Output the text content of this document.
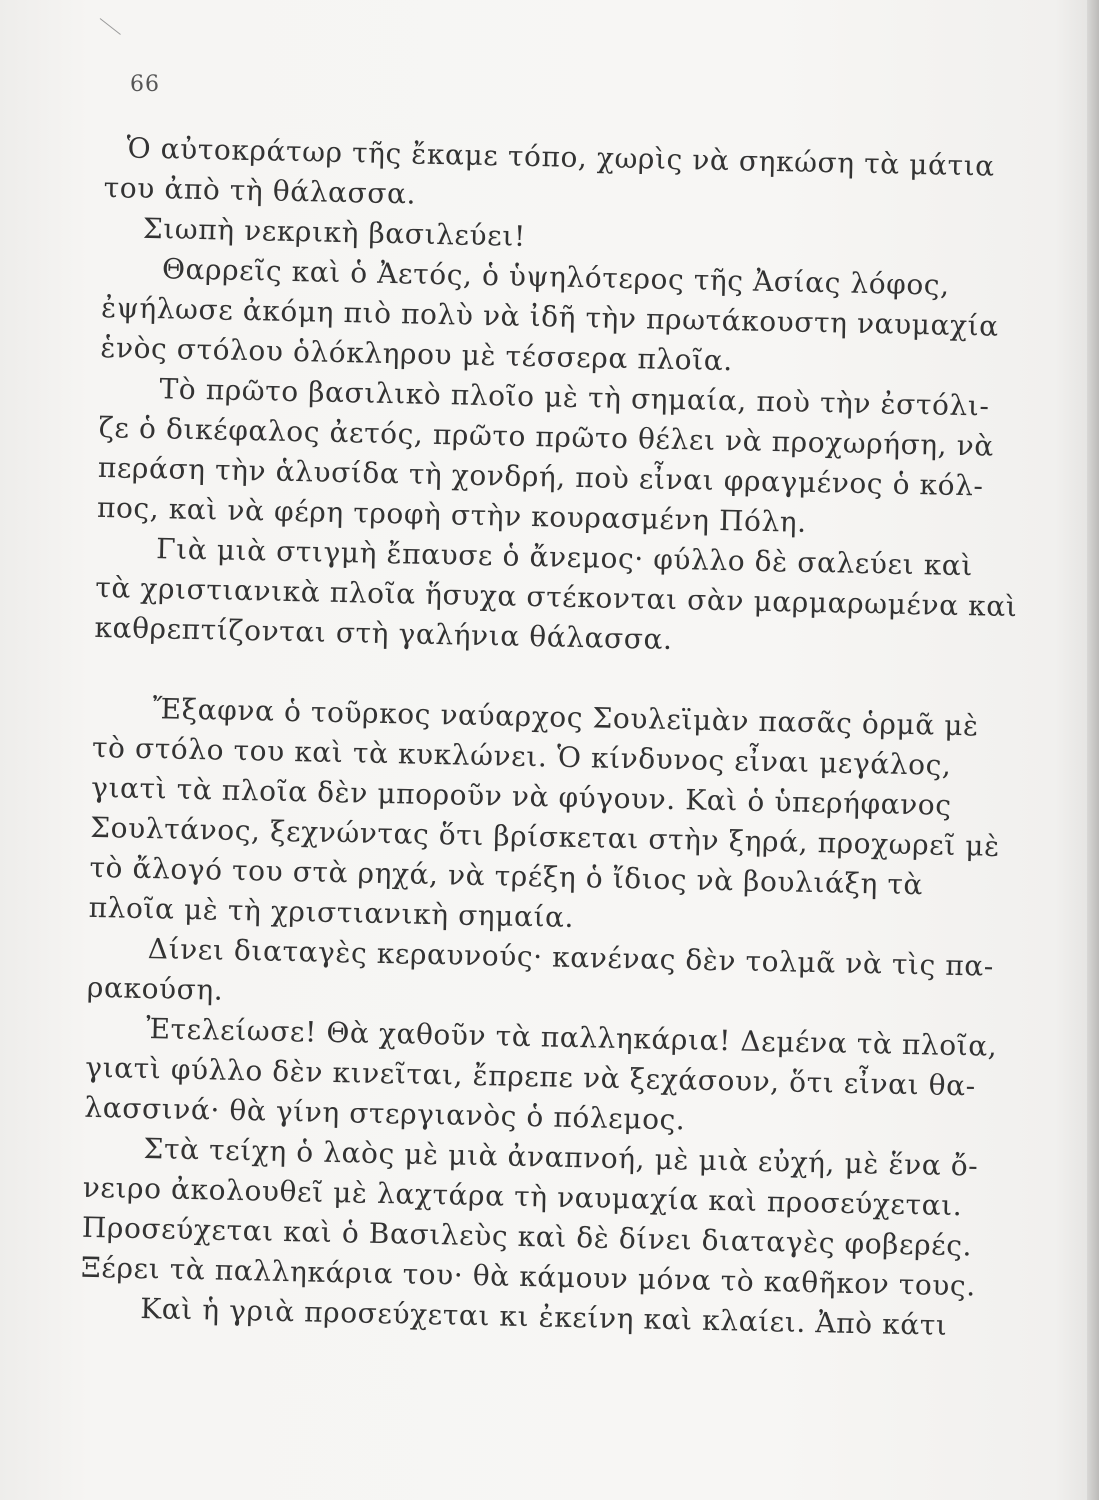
66
Ὁ αὐτοκράτωρ τῆς ἔκαμε τόπο, χωρὶς νὰ σηκώση τὰ μάτια
του ἀπὸ τὴ θάλασσα.
Σιωπὴ νεκρικὴ βασιλεύει!
Θαρρεῖς καὶ ὁ Ἀετός, ὁ ὑψηλότερος τῆς Ἀσίας λόφος,
ἐψήλωσε ἀκόμη πιὸ πολὺ νὰ ἰδῆ τὴν πρωτάκουστη ναυμαχία
ἑνὸς στόλου ὁλόκληρου μὲ τέσσερα πλοῖα.
Τὸ πρῶτο βασιλικὸ πλοῖο μὲ τὴ σημαία, ποὺ τὴν ἐστόλι-
ζε ὁ δικέφαλος ἀετός, πρῶτο πρῶτο θέλει νὰ προχωρήση, νὰ
περάση τὴν ἁλυσίδα τὴ χονδρή, ποὺ εἶναι φραγμένος ὁ κόλ-
πος, καὶ νὰ φέρη τροφὴ στὴν κουρασμένη Πόλη.
Γιὰ μιὰ στιγμὴ ἔπαυσε ὁ ἄνεμος· φύλλο δὲ σαλεύει καὶ
τὰ χριστιανικὰ πλοῖα ἥσυχα στέκονται σὰν μαρμαρωμένα καὶ
καθρεπτίζονται στὴ γαλήνια θάλασσα.
Ἔξαφνα ὁ τοῦρκος ναύαρχος Σουλεϊμὰν πασᾶς ὁρμᾶ μὲ
τὸ στόλο του καὶ τὰ κυκλώνει. Ὁ κίνδυνος εἶναι μεγάλος,
γιατὶ τὰ πλοῖα δὲν μποροῦν νὰ φύγουν. Καὶ ὁ ὑπερήφανος
Σουλτάνος, ξεχνώντας ὅτι βρίσκεται στὴν ξηρά, προχωρεῖ μὲ
τὸ ἄλογό του στὰ ρηχά, νὰ τρέξη ὁ ἴδιος νὰ βουλιάξη τὰ
πλοῖα μὲ τὴ χριστιανικὴ σημαία.
Δίνει διαταγὲς κεραυνούς· κανένας δὲν τολμᾶ νὰ τὶς πα-
ρακούση.
Ἐτελείωσε! Θὰ χαθοῦν τὰ παλληκάρια! Δεμένα τὰ πλοῖα,
γιατὶ φύλλο δὲν κινεῖται, ἔπρεπε νὰ ξεχάσουν, ὅτι εἶναι θα-
λασσινά· θὰ γίνη στεργιανὸς ὁ πόλεμος.
Στὰ τείχη ὁ λαὸς μὲ μιὰ ἀναπνοή, μὲ μιὰ εὐχή, μὲ ἕνα ὄ-
νειρο ἀκολουθεῖ μὲ λαχτάρα τὴ ναυμαχία καὶ προσεύχεται.
Προσεύχεται καὶ ὁ Βασιλεὺς καὶ δὲ δίνει διαταγὲς φοβερές.
Ξέρει τὰ παλληκάρια του· θὰ κάμουν μόνα τὸ καθῆκον τους.
Καὶ ἡ γριὰ προσεύχεται κι ἐκείνη καὶ κλαίει. Ἀπὸ κάτι
